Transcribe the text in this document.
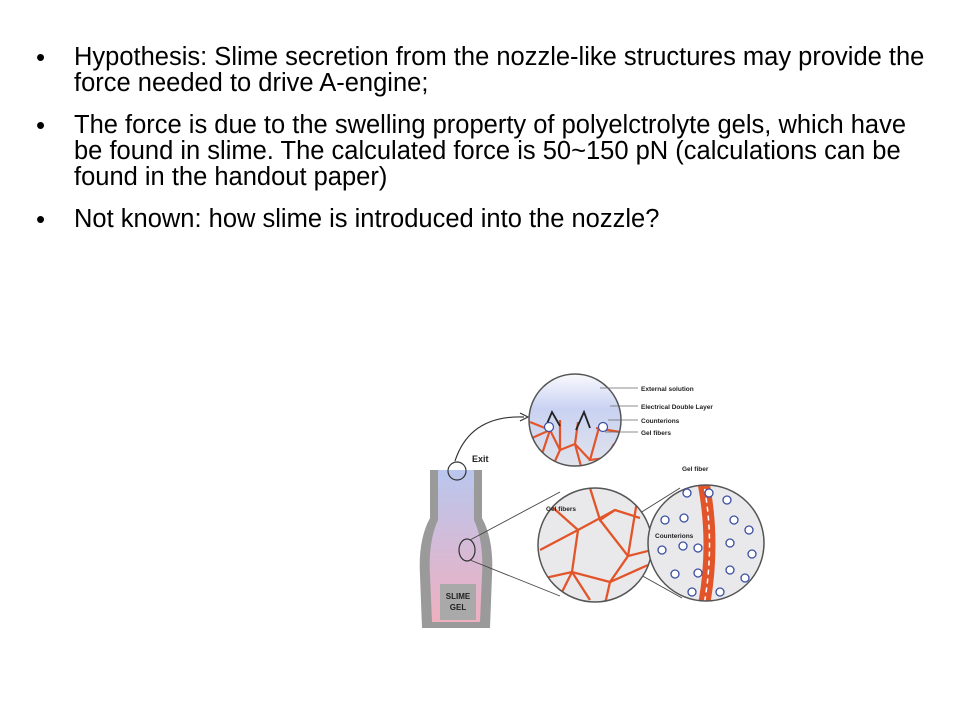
•	Hypothesis: Slime secretion from the nozzle-like structures may provide the force needed to drive A-engine;
•	The force is due to the swelling property of polyelctrolyte gels, which have be found in slime. The calculated force is 50~150 pN (calculations can be found in the handout paper)
•	Not known: how slime is introduced into the nozzle?
SLIME
GEL
Exit
External solution
Electrical Double Layer
Counterions
Gel fibers
Gel fibers
Gel fiber
Counterions
